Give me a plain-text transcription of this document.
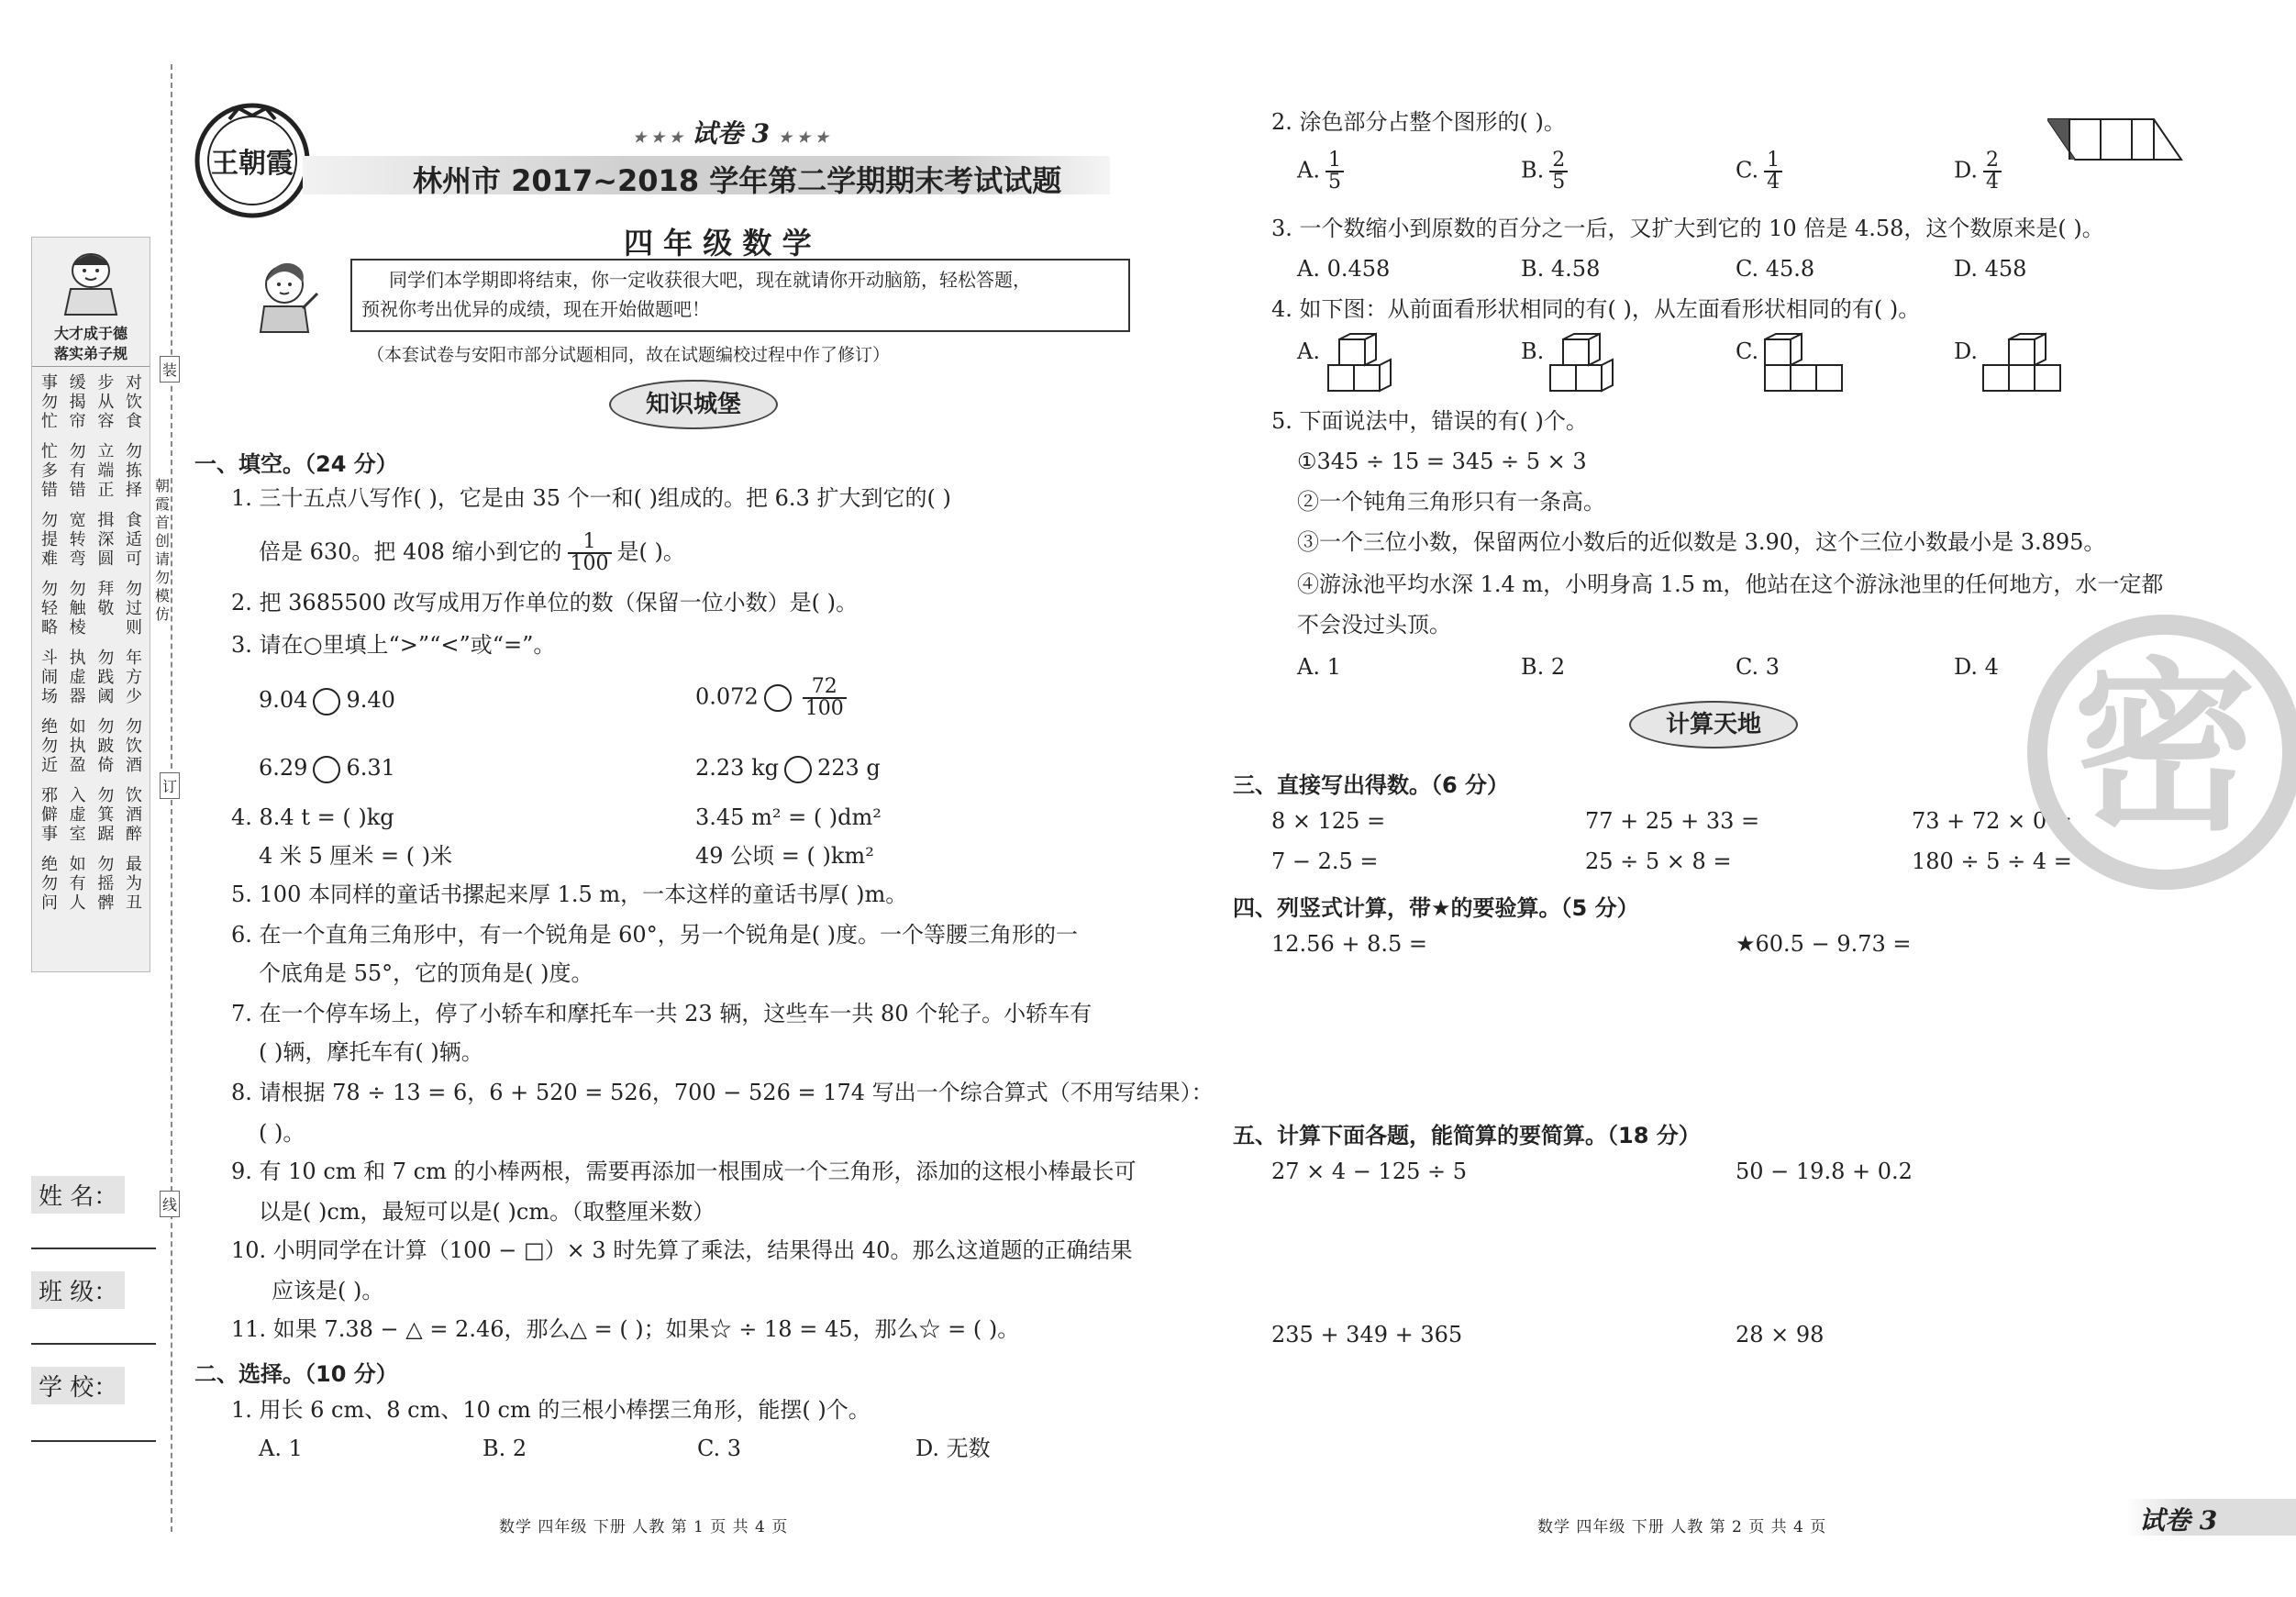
大才成于德
落实弟子规
事勿忙
缓揭帘
步从容
对饮食
忙多错
勿有错
立端正
勿拣择
勿提难
宽转弯
揖深圆
食适可
勿轻略
勿触棱
拜敬
勿过则
斗闹场
执虚器
勿践阈
年方少
绝勿近
如执盈
勿跛倚
勿饮酒
邪僻事
入虚室
勿箕踞
饮酒醉
绝勿问
如有人
勿摇髀
最为丑
朝霞首创 请勿模仿
装
订
线
姓 名：
班 级：
学 校：
王朝霞
★ ★ ★ 试卷 3 ★ ★ ★
林州市 2017~2018 学年第二学期期末考试试题
四 年 级 数 学
同学们本学期即将结束，你一定收获很大吧，现在就请你开动脑筋，轻松答题，
预祝你考出优异的成绩，现在开始做题吧！
（本套试卷与安阳市部分试题相同，故在试题编校过程中作了修订）
知识城堡
一、填空。（24 分）
1. 三十五点八写作( )，它是由 35 个一和( )组成的。把 6.3 扩大到它的( )
倍是 630。把 408 缩小到它的 $\frac{1}{100}$ 是( )。
2. 把 3685500 改写成用万作单位的数（保留一位小数）是( )。
3. 请在○里填上“>”“<”或“=”。
9.04 9.40	$0.072 \frac{72}{100}$
6.29 6.31	2.23 kg 223 g
4. 8.4 t = ( )kg	3.45 m² = ( )dm²
4 米 5 厘米 = ( )米	49 公顷 = ( )km²
5. 100 本同样的童话书摞起来厚 1.5 m，一本这样的童话书厚( )m。
6. 在一个直角三角形中，有一个锐角是 60°，另一个锐角是( )度。一个等腰三角形的一
个底角是 55°，它的顶角是( )度。
7. 在一个停车场上，停了小轿车和摩托车一共 23 辆，这些车一共 80 个轮子。小轿车有
( )辆，摩托车有( )辆。
8. 请根据 78 ÷ 13 = 6，6 + 520 = 526，700 − 526 = 174 写出一个综合算式（不用写结果）：
( )。
9. 有 10 cm 和 7 cm 的小棒两根，需要再添加一根围成一个三角形，添加的这根小棒最长可
以是( )cm，最短可以是( )cm。（取整厘米数）
10. 小明同学在计算（100 − □）× 3 时先算了乘法，结果得出 40。那么这道题的正确结果
应该是( )。
11. 如果 7.38 − △ = 2.46，那么△ = ( )；如果☆ ÷ 18 = 45，那么☆ = ( )。
二、选择。（10 分）
1. 用长 6 cm、8 cm、10 cm 的三根小棒摆三角形，能摆( )个。
A. 1	B. 2	C. 3	D. 无数
数学 四年级 下册 人教 第 1 页 共 4 页
2. 涂色部分占整个图形的( )。
A. $\frac{1}{5}$	B. $\frac{2}{5}$	C. $\frac{1}{4}$	D. $\frac{2}{4}$
3. 一个数缩小到原数的百分之一后，又扩大到它的 10 倍是 4.58，这个数原来是( )。
A. 0.458	B. 4.58	C. 45.8	D. 458
4. 如下图：从前面看形状相同的有( )，从左面看形状相同的有( )。
A.	B.	C.	D.
5. 下面说法中，错误的有( )个。
①345 ÷ 15 = 345 ÷ 5 × 3
②一个钝角三角形只有一条高。
③一个三位小数，保留两位小数后的近似数是 3.90，这个三位小数最小是 3.895。
④游泳池平均水深 1.4 m，小明身高 1.5 m，他站在这个游泳池里的任何地方，水一定都
不会没过头顶。
A. 1	B. 2	C. 3	D. 4
计算天地
三、直接写出得数。（6 分）
8 × 125 =	77 + 25 + 33 =	73 + 72 × 0 =
7 − 2.5 =	25 ÷ 5 × 8 =	180 ÷ 5 ÷ 4 =
四、列竖式计算，带★的要验算。（5 分）
12.56 + 8.5 =	★60.5 − 9.73 =
五、计算下面各题，能简算的要简算。（18 分）
27 × 4 − 125 ÷ 5	50 − 19.8 + 0.2
235 + 349 + 365	28 × 98
密
数学 四年级 下册 人教 第 2 页 共 4 页	试卷 3
